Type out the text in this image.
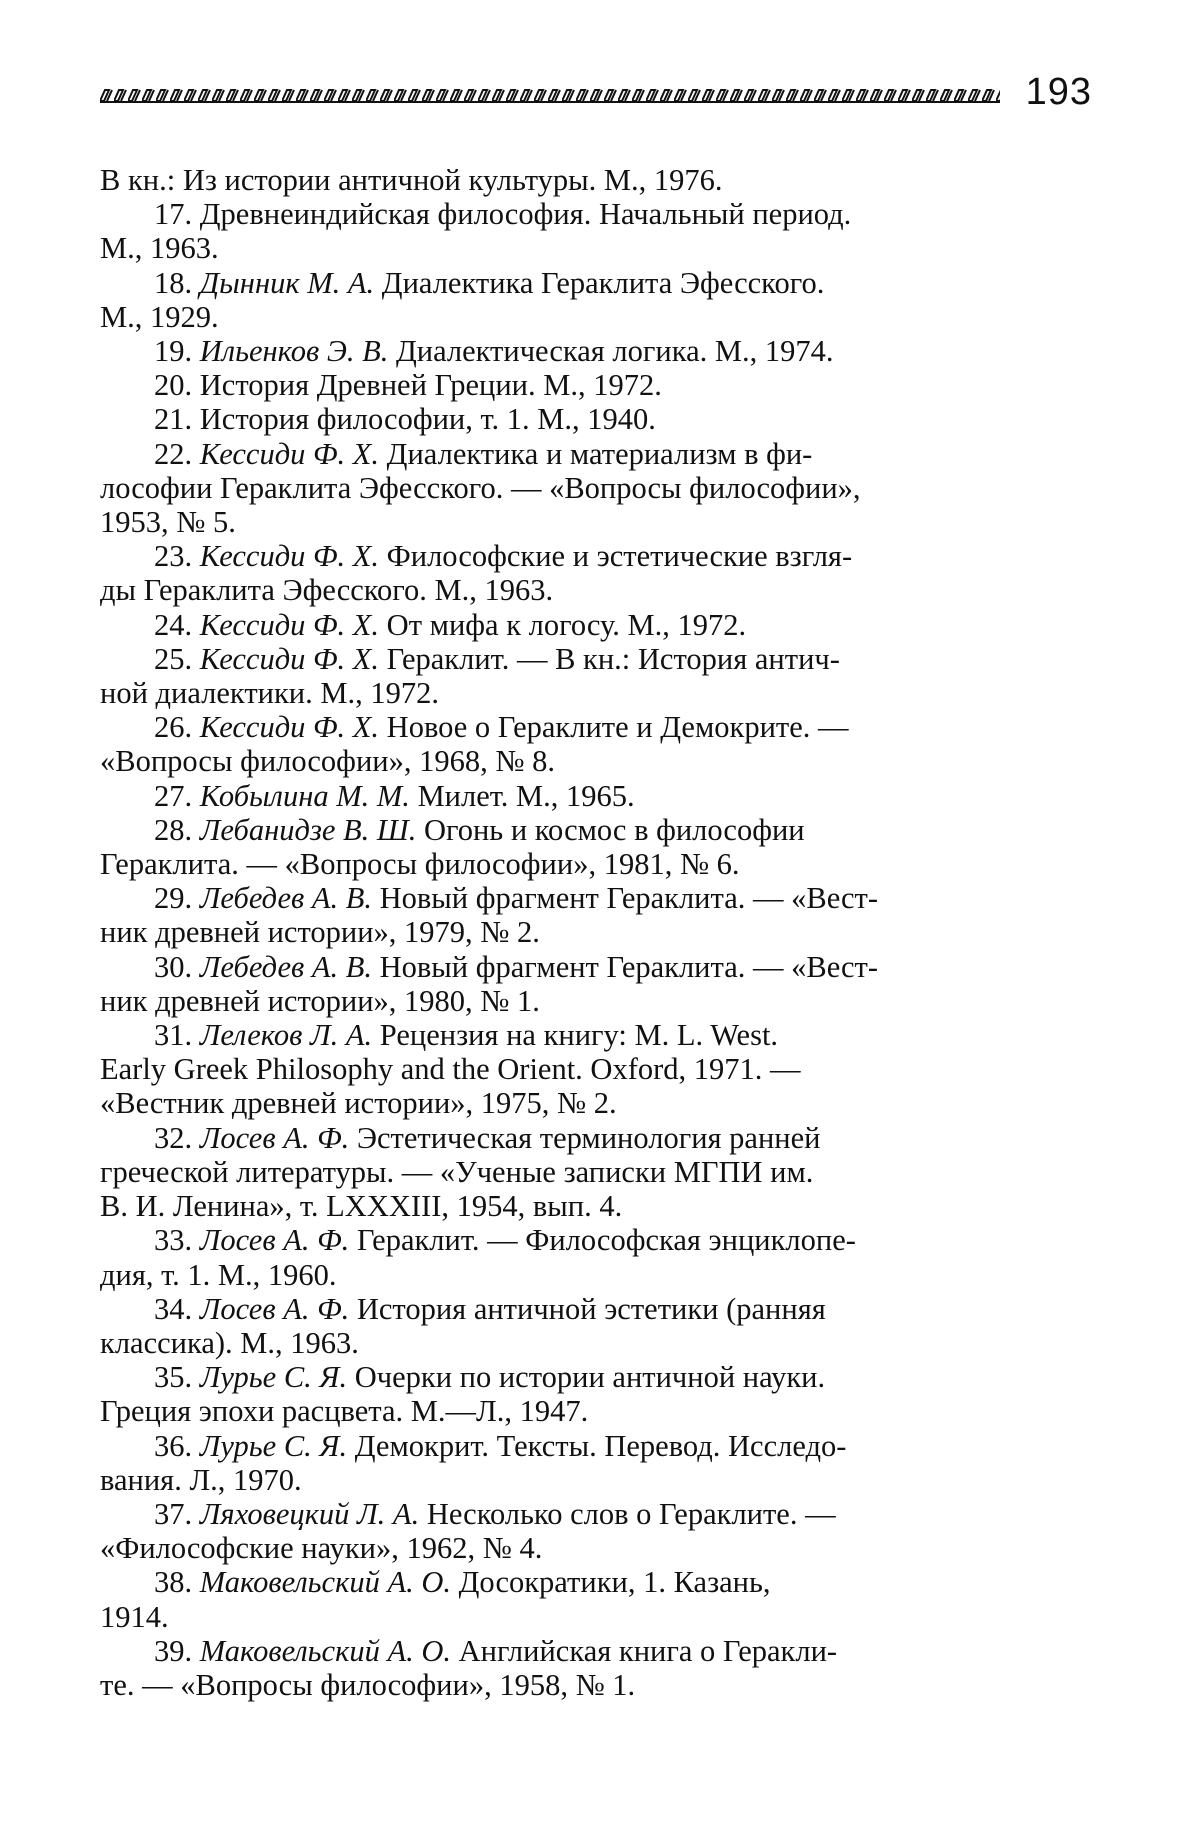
193
В кн.: Из истории античной культуры. М., 1976.
17. Древнеиндийская философия. Начальный период.
М., 1963.
18. Дынник М. А. Диалектика Гераклита Эфесского.
М., 1929.
19. Ильенков Э. В. Диалектическая логика. М., 1974.
20. История Древней Греции. М., 1972.
21. История философии, т. 1. М., 1940.
22. Кессиди Ф. Х. Диалектика и материализм в фи-
лософии Гераклита Эфесского. — «Вопросы философии»,
1953, № 5.
23. Кессиди Ф. Х. Философские и эстетические взгля-
ды Гераклита Эфесского. М., 1963.
24. Кессиди Ф. Х. От мифа к логосу. М., 1972.
25. Кессиди Ф. Х. Гераклит. — В кн.: История антич-
ной диалектики. М., 1972.
26. Кессиди Ф. Х. Новое о Гераклите и Демокрите. —
«Вопросы философии», 1968, № 8.
27. Кобылина М. М. Милет. М., 1965.
28. Лебанидзе В. Ш. Огонь и космос в философии
Гераклита. — «Вопросы философии», 1981, № 6.
29. Лебедев А. В. Новый фрагмент Гераклита. — «Вест-
ник древней истории», 1979, № 2.
30. Лебедев А. В. Новый фрагмент Гераклита. — «Вест-
ник древней истории», 1980, № 1.
31. Лелеков Л. А. Рецензия на книгу: M. L. West.
Early Greek Philosophy and the Orient. Oxford, 1971. —
«Вестник древней истории», 1975, № 2.
32. Лосев А. Ф. Эстетическая терминология ранней
греческой литературы. — «Ученые записки МГПИ им.
В. И. Ленина», т. LXXXIII, 1954, вып. 4.
33. Лосев А. Ф. Гераклит. — Философская энциклопе-
дия, т. 1. М., 1960.
34. Лосев А. Ф. История античной эстетики (ранняя
классика). М., 1963.
35. Лурье С. Я. Очерки по истории античной науки.
Греция эпохи расцвета. М.—Л., 1947.
36. Лурье С. Я. Демокрит. Тексты. Перевод. Исследо-
вания. Л., 1970.
37. Ляховецкий Л. А. Несколько слов о Гераклите. —
«Философские науки», 1962, № 4.
38. Маковельский А. О. Досократики, 1. Казань,
1914.
39. Маковельский А. О. Английская книга о Геракли-
те. — «Вопросы философии», 1958, № 1.
